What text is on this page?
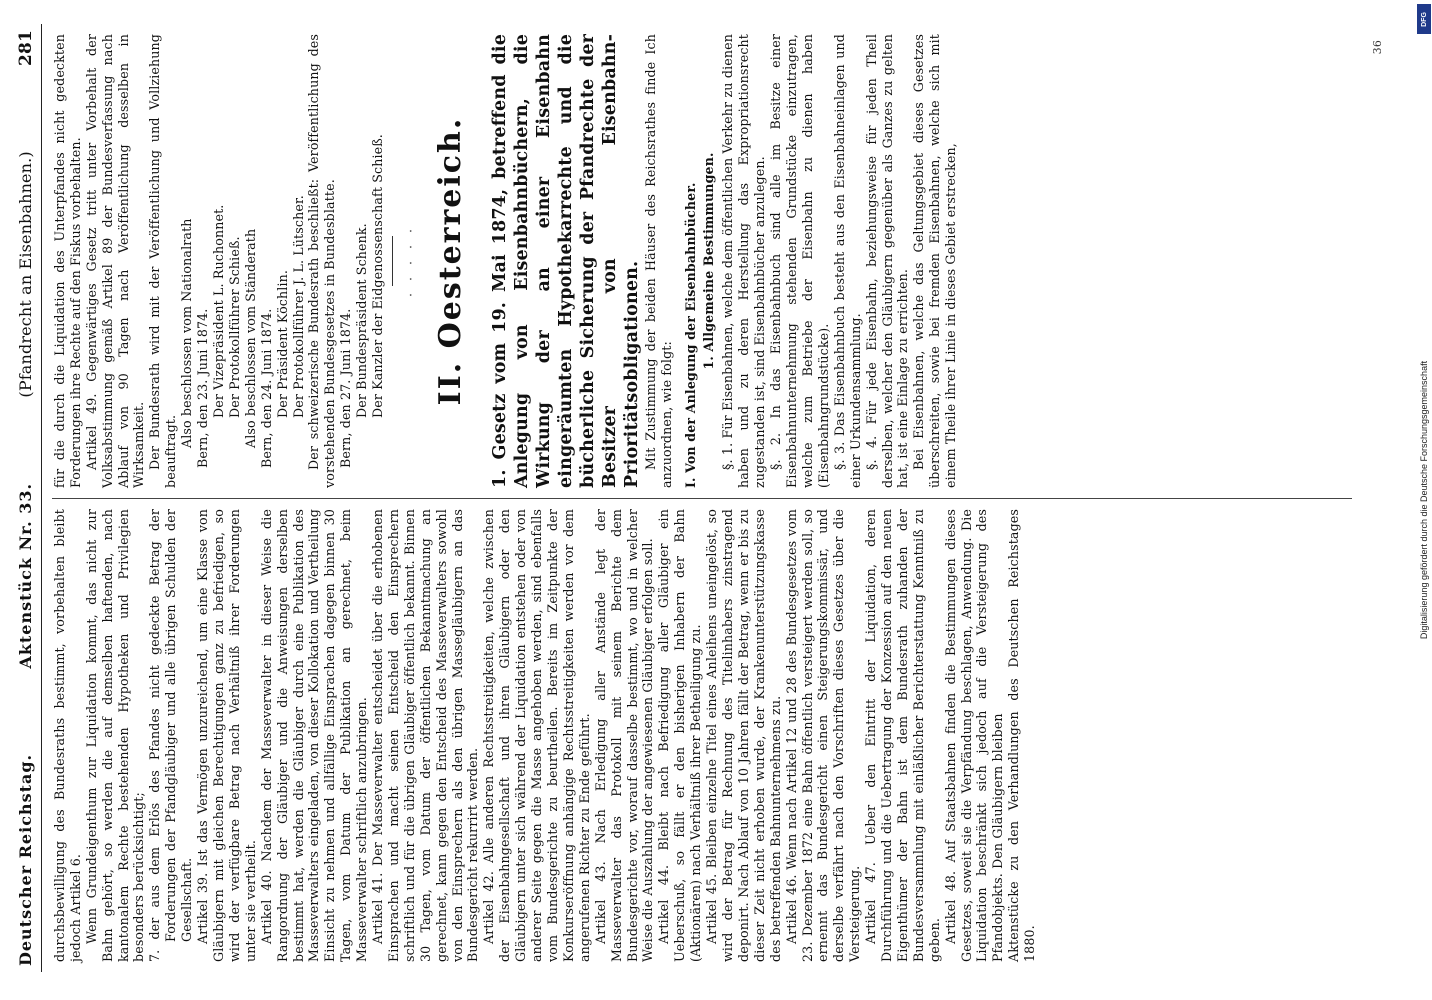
Deutscher Reichstag.
Aktenstück Nr. 33.
(Pfandrecht an Eisenbahnen.)
281

durchsbewilligung des Bundesraths bestimmt, vorbehalten bleibt jedoch Artikel 6. Wenn Grundeigenthum zur Liquidation kommt, das nicht zur Bahn gehört, so werden die auf demselben haftenden, nach kantonalem Rechte bestehenden Hypotheken und Privilegien besonders berücksichtigt; 7. der aus dem Erlös des Pfandes nicht gedeckte Betrag der Forderungen der Pfandgläubiger und alle übrigen Schulden der Gesellschaft. Artikel 39. Ist das Vermögen unzureichend, um eine Klasse von Gläubigern mit gleichen Berechtigungen ganz zu befriedigen, so wird der verfügbare Betrag nach Verhältniß ihrer Forderungen unter sie vertheilt. Artikel 40. Nachdem der Masseverwalter in dieser Weise die Rangordnung der Gläubiger und die Anweisungen derselben bestimmt hat, werden die Gläubiger durch eine Publikation des Masseverwalters eingeladen, von dieser Kollokation und Vertheilung Einsicht zu nehmen und allfällige Einsprachen dagegen binnen 30 Tagen, vom Datum der Publikation an gerechnet, beim Masseverwalter schriftlich anzubringen. Artikel 41. Der Masseverwalter entscheidet über die erhobenen Einsprachen und macht seinen Entscheid den Einsprechern schriftlich und für die übrigen Gläubiger öffentlich bekannt. Binnen 30 Tagen, vom Datum der öffentlichen Bekanntmachung an gerechnet, kann gegen den Entscheid des Masseverwalters sowohl von den Einsprechern als den übrigen Massegläubigern an das Bundesgericht rekurrirt werden. Artikel 42. Alle anderen Rechtsstreitigkeiten, welche zwischen der Eisenbahngesellschaft und ihren Gläubigern oder den Gläubigern unter sich während der Liquidation entstehen oder von anderer Seite gegen die Masse angehoben werden, sind ebenfalls vom Bundesgerichte zu beurtheilen. Bereits im Zeitpunkte der Konkurseröffnung anhängige Rechtsstreitigkeiten werden vor dem angerufenen Richter zu Ende geführt. Artikel 43. Nach Erledigung aller Anstände legt der Masseverwalter das Protokoll mit seinem Berichte dem Bundesgerichte vor, worauf dasselbe bestimmt, wo und in welcher Weise die Auszahlung der angewiesenen Gläubiger erfolgen soll. Artikel 44. Bleibt nach Befriedigung aller Gläubiger ein Ueberschuß, so fällt er den bisherigen Inhabern der Bahn (Aktionären) nach Verhältniß ihrer Betheiligung zu. Artikel 45. Bleiben einzelne Titel eines Anleihens uneingelöst, so wird der Betrag für Rechnung des Titelinhabers zinstragend deponirt. Nach Ablauf von 10 Jahren fällt der Betrag, wenn er bis zu dieser Zeit nicht erhoben wurde, der Krankenunterstützungskasse des betreffenden Bahnunternehmens zu. Artikel 46. Wenn nach Artikel 12 und 28 des Bundesgesetzes vom 23. Dezember 1872 eine Bahn öffentlich versteigert werden soll, so ernennt das Bundesgericht einen Steigerungskommissär, und derselbe verfährt nach den Vorschriften dieses Gesetzes über die Versteigerung. Artikel 47. Ueber den Eintritt der Liquidation, deren Durchführung und die Uebertragung der Konzession auf den neuen Eigenthümer der Bahn ist dem Bundesrath zuhanden der Bundesversammlung mit einläßlicher Berichterstattung Kenntniß zu geben. Artikel 48. Auf Staatsbahnen finden die Bestimmungen dieses Gesetzes, soweit sie die Verpfändung beschlagen, Anwendung. Die Liquidation beschränkt sich jedoch auf die Versteigerung des Pfandobjekts. Den Gläubigern bleiben Aktenstücke zu den Verhandlungen des Deutschen Reichstages 1880.

für die durch die Liquidation des Unterpfandes nicht gedeckten Forderungen ihre Rechte auf den Fiskus vorbehalten. Artikel 49. Gegenwärtiges Gesetz tritt unter Vorbehalt der Volksabstimmung gemäß Artikel 89 der Bundesverfassung nach Ablauf von 90 Tagen nach Veröffentlichung desselben in Wirksamkeit. Der Bundesrath wird mit der Veröffentlichung und Vollziehung beauftragt.

Also beschlossen vom Nationalrath Bern, den 23. Juni 1874. Der Vizepräsident L. Ruchonnet. Der Protokollführer Schieß. Also beschlossen vom Ständerath Bern, den 24. Juni 1874. Der Präsident Köchlin. Der Protokollführer J. L. Lütscher. Der schweizerische Bundesrath beschließt: Veröffentlichung des vorstehenden Bundesgesetzes in Bundesblatte. Bern, den 27. Juni 1874. Der Bundespräsident Schenk. Der Kanzler der Eidgenossenschaft Schieß. · · · · · II. Oesterreich. 1. Gesetz vom 19. Mai 1874, betreffend die Anlegung von Eisenbahnbüchern, die Wirkung der an einer Eisenbahn eingeräumten Hypothekarrechte und die bücherliche Sicherung der Pfandrechte der Besitzer von Eisenbahn-Prioritätsobligationen. Mit Zustimmung der beiden Häuser des Reichsrathes finde Ich anzuordnen, wie folgt: I. Von der Anlegung der Eisenbahnbücher. 1. Allgemeine Bestimmungen. §. 1. Für Eisenbahnen, welche dem öffentlichen Verkehr zu dienen haben und zu deren Herstellung das Expropriationsrecht zugestanden ist, sind Eisenbahnbücher anzulegen. §. 2. In das Eisenbahnbuch sind alle im Besitze einer Eisenbahnunternehmung stehenden Grundstücke einzutragen, welche zum Betriebe der Eisenbahn zu dienen haben (Eisenbahngrundstücke). §. 3. Das Eisenbahnbuch besteht aus den Eisenbahneinlagen und einer Urkundensammlung. §. 4. Für jede Eisenbahn, beziehungsweise für jeden Theil derselben, welcher den Gläubigern gegenüber als Ganzes zu gelten hat, ist eine Einlage zu errichten. Bei Eisenbahnen, welche das Geltungsgebiet dieses Gesetzes überschreiten, sowie bei fremden Eisenbahnen, welche sich mit einem Theile ihrer Linie in dieses Gebiet erstrecken,

36
DFG
Digitalisierung gefördert durch die Deutsche Forschungsgemeinschaft
